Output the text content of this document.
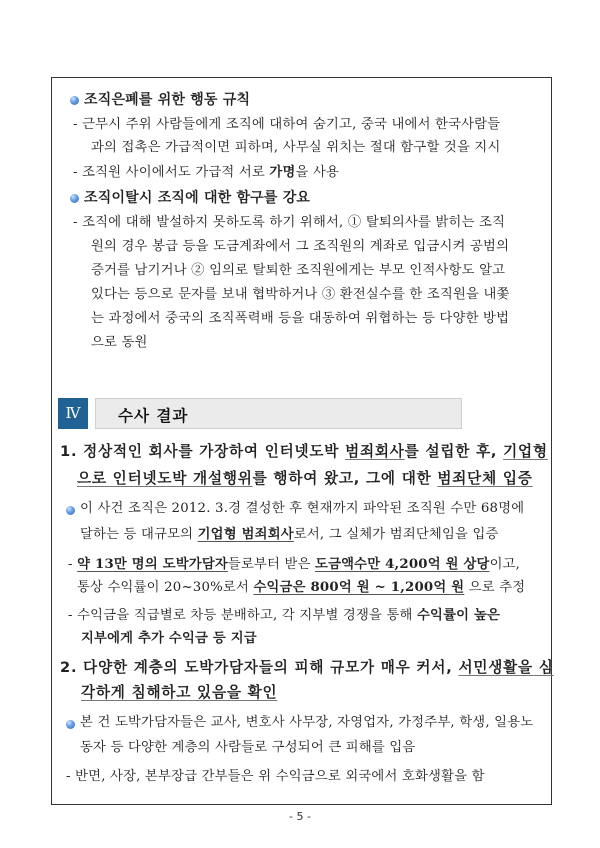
조직은폐를 위한 행동 규칙
- 근무시 주위 사람들에게 조직에 대하여 숨기고, 중국 내에서 한국사람들
과의 접촉은 가급적이면 피하며, 사무실 위치는 절대 함구할 것을 지시
- 조직원 사이에서도 가급적 서로 가명을 사용
조직이탈시 조직에 대한 함구를 강요
- 조직에 대해 발설하지 못하도록 하기 위해서, ① 탈퇴의사를 밝히는 조직
원의 경우 봉급 등을 도금계좌에서 그 조직원의 계좌로 입금시켜 공범의
증거를 남기거나 ② 임의로 탈퇴한 조직원에게는 부모 인적사항도 알고
있다는 등으로 문자를 보내 협박하거나 ③ 환전실수를 한 조직원을 내쫓
는 과정에서 중국의 조직폭력배 등을 대동하여 위협하는 등 다양한 방법
으로 동원
Ⅳ	수사 결과
1. 정상적인 회사를 가장하여 인터넷도박 범죄회사를 설립한 후, 기업형
으로 인터넷도박 개설행위를 행하여 왔고, 그에 대한 범죄단체 입증
이 사건 조직은 2012. 3.경 결성한 후 현재까지 파악된 조직원 수만 68명에
달하는 등 대규모의 기업형 범죄회사로서, 그 실체가 범죄단체임을 입증
- 약 13만 명의 도박가담자들로부터 받은 도금액수만 4,200억 원 상당이고,
통상 수익률이 20~30%로서 수익금은 800억 원 ~ 1,200억 원 으로 추정
- 수익금을 직급별로 차등 분배하고, 각 지부별 경쟁을 통해 수익률이 높은
지부에게 추가 수익금 등 지급
2. 다양한 계층의 도박가담자들의 피해 규모가 매우 커서, 서민생활을 심
각하게 침해하고 있음을 확인
본 건 도박가담자들은 교사, 변호사 사무장, 자영업자, 가정주부, 학생, 일용노
동자 등 다양한 계층의 사람들로 구성되어 큰 피해를 입음
- 반면, 사장, 본부장급 간부들은 위 수익금으로 외국에서 호화생활을 함
- 5 -
